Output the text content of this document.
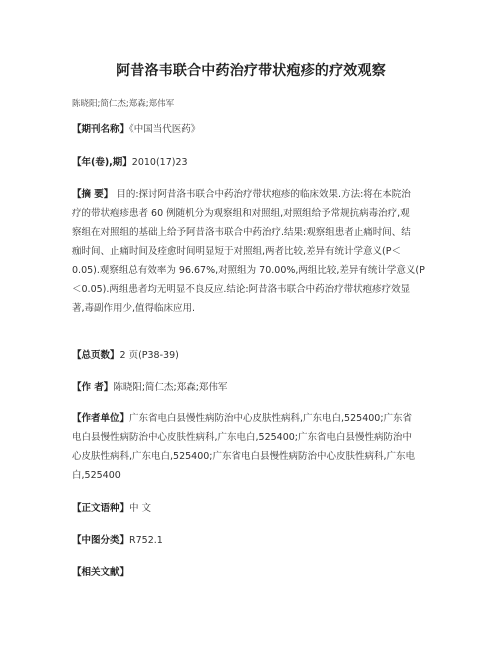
阿昔洛韦联合中药治疗带状疱疹的疗效观察
陈晓阳;简仁杰;郑森;郑伟军
【期刊名称】《中国当代医药》
【年(卷),期】2010(17)23
【摘 要】 目的:探讨阿昔洛韦联合中药治疗带状疱疹的临床效果.方法:将在本院治
疗的带状疱疹患者 60 例随机分为观察组和对照组,对照组给予常规抗病毒治疗,观
察组在对照组的基础上给予阿昔洛韦联合中药治疗.结果:观察组患者止痛时间、结
痂时间、止痛时间及痊愈时间明显短于对照组,两者比较,差异有统计学意义(P＜
0.05).观察组总有效率为 96.67%,对照组为 70.00%,两组比较,差异有统计学意义(P
＜0.05).两组患者均无明显不良反应.结论:阿昔洛韦联合中药治疗带状疱疹疗效显
著,毒副作用少,值得临床应用.
【总页数】2 页(P38-39)
【作 者】陈晓阳;简仁杰;郑森;郑伟军
【作者单位】广东省电白县慢性病防治中心皮肤性病科,广东电白,525400;广东省
电白县慢性病防治中心皮肤性病科,广东电白,525400;广东省电白县慢性病防治中
心皮肤性病科,广东电白,525400;广东省电白县慢性病防治中心皮肤性病科,广东电
白,525400
【正文语种】中 文
【中图分类】R752.1
【相关文献】
